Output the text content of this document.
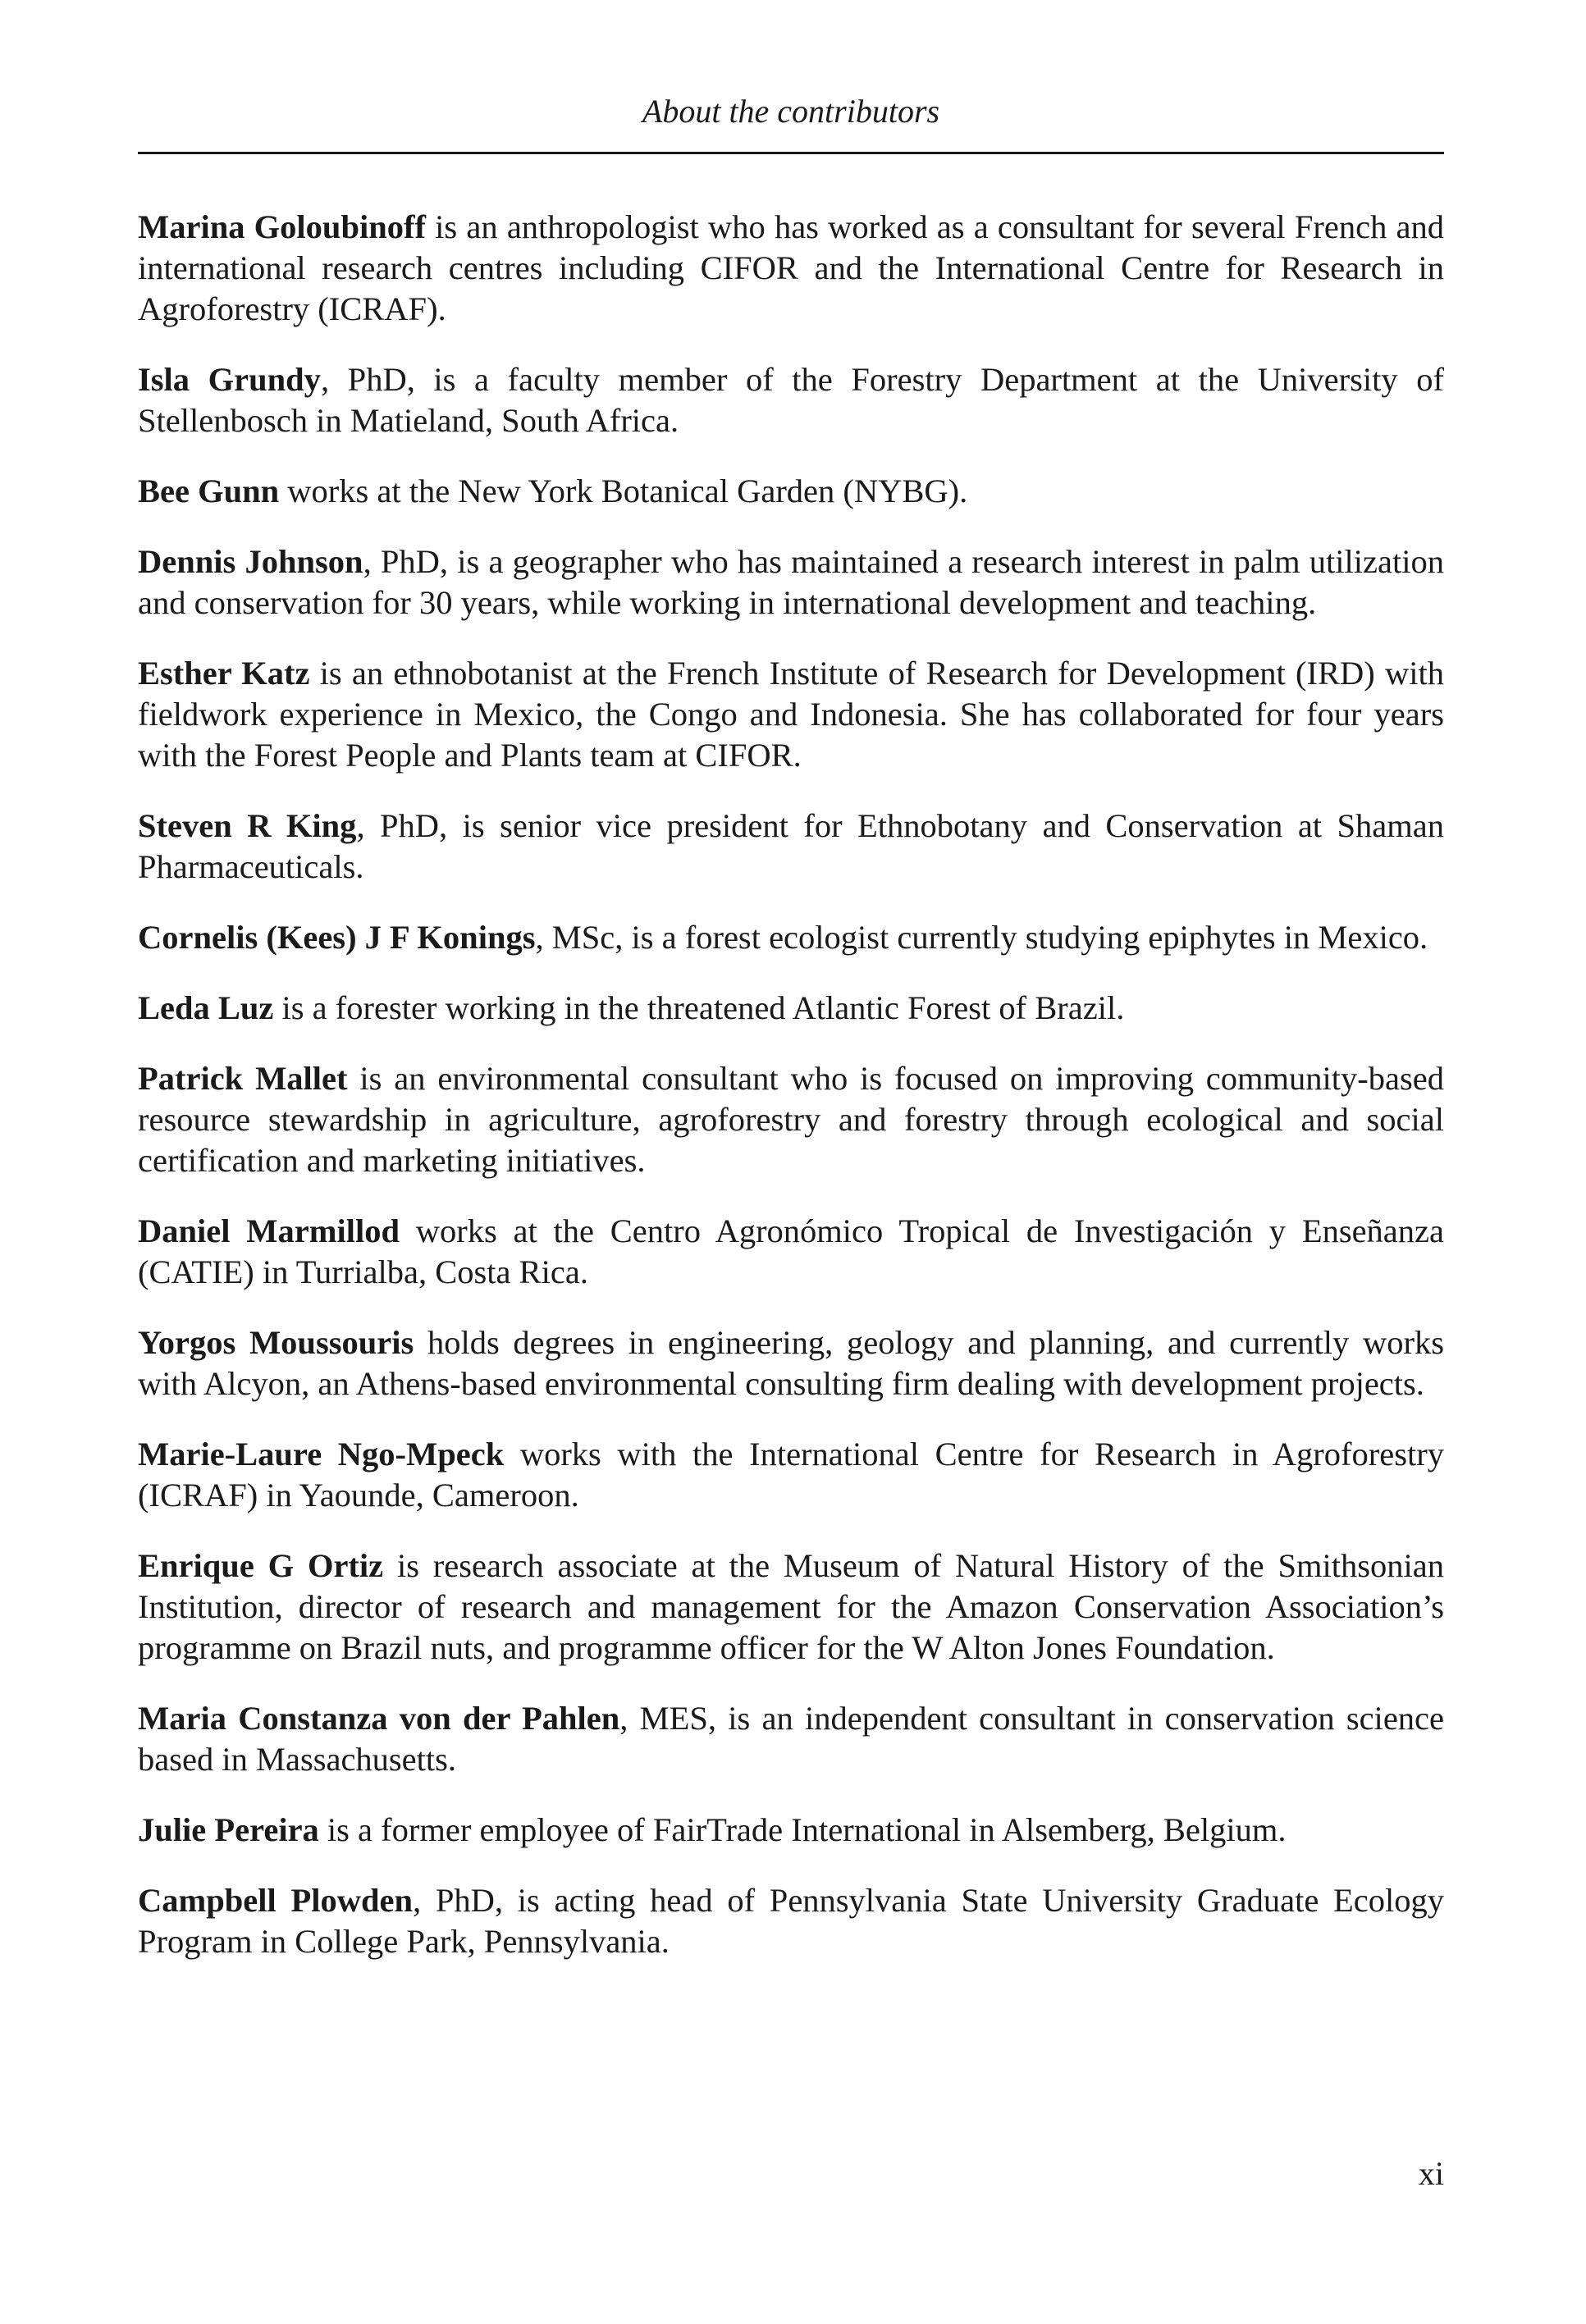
About the contributors

Marina Goloubinoff is an anthropologist who has worked as a consultant for several French and international research centres including CIFOR and the International Centre for Research in Agroforestry (ICRAF).

Isla Grundy, PhD, is a faculty member of the Forestry Department at the University of Stellenbosch in Matieland, South Africa.

Bee Gunn works at the New York Botanical Garden (NYBG).

Dennis Johnson, PhD, is a geographer who has maintained a research interest in palm utilization and conservation for 30 years, while working in international development and teaching.

Esther Katz is an ethnobotanist at the French Institute of Research for Development (IRD) with fieldwork experience in Mexico, the Congo and Indonesia. She has collaborated for four years with the Forest People and Plants team at CIFOR.

Steven R King, PhD, is senior vice president for Ethnobotany and Conservation at Shaman Pharmaceuticals.

Cornelis (Kees) J F Konings, MSc, is a forest ecologist currently studying epiphytes in Mexico.

Leda Luz is a forester working in the threatened Atlantic Forest of Brazil.

Patrick Mallet is an environmental consultant who is focused on improving community-based resource stewardship in agriculture, agroforestry and forestry through ecological and social certification and marketing initiatives.

Daniel Marmillod works at the Centro Agronómico Tropical de Investigación y Enseñanza (CATIE) in Turrialba, Costa Rica.

Yorgos Moussouris holds degrees in engineering, geology and planning, and currently works with Alcyon, an Athens-based environmental consulting firm dealing with development projects.

Marie-Laure Ngo-Mpeck works with the International Centre for Research in Agroforestry (ICRAF) in Yaounde, Cameroon.

Enrique G Ortiz is research associate at the Museum of Natural History of the Smithsonian Institution, director of research and management for the Amazon Conservation Association’s programme on Brazil nuts, and programme officer for the W Alton Jones Foundation.

Maria Constanza von der Pahlen, MES, is an independent consultant in conservation science based in Massachusetts.

Julie Pereira is a former employee of FairTrade International in Alsemberg, Belgium.

Campbell Plowden, PhD, is acting head of Pennsylvania State University Graduate Ecology Program in College Park, Pennsylvania.

xi
